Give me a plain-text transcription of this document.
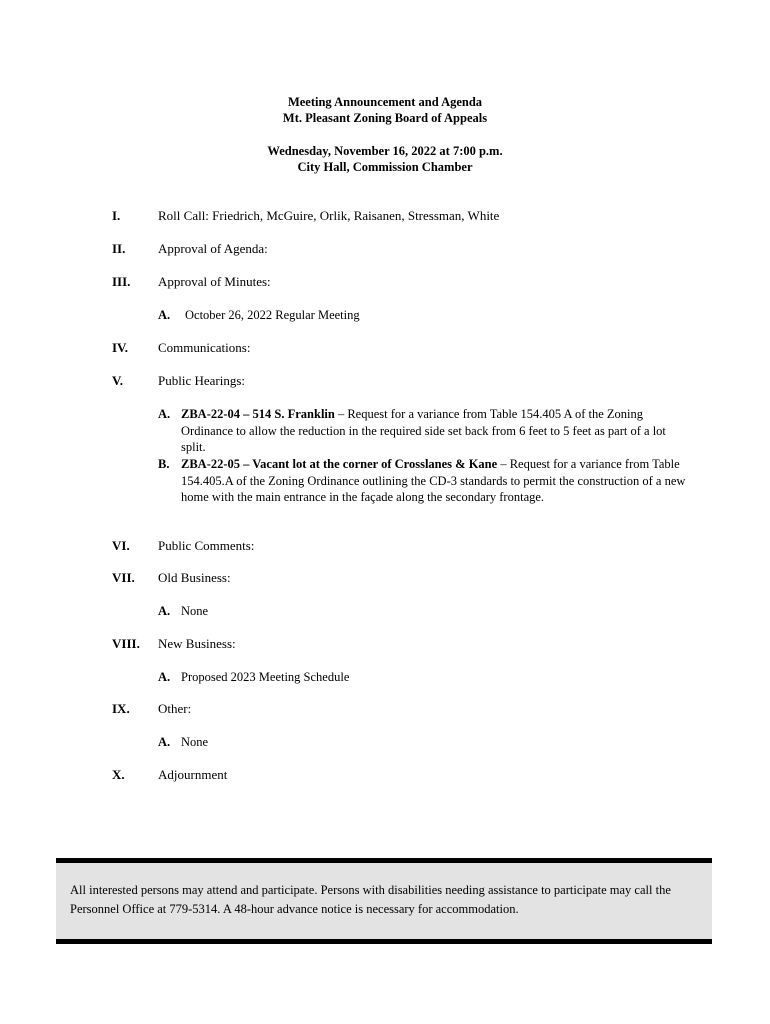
Meeting Announcement and Agenda
Mt. Pleasant Zoning Board of Appeals
Wednesday, November 16, 2022 at 7:00 p.m.
City Hall, Commission Chamber
I.	Roll Call: Friedrich, McGuire, Orlik, Raisanen, Stressman, White
II.	Approval of Agenda:
III. Approval of Minutes:
A. October 26, 2022 Regular Meeting
IV. Communications:
V.	Public Hearings:
A. ZBA-22-04 – 514 S. Franklin – Request for a variance from Table 154.405 A of the Zoning Ordinance to allow the reduction in the required side set back from 6 feet to 5 feet as part of a lot split.
B. ZBA-22-05 – Vacant lot at the corner of Crosslanes & Kane – Request for a variance from Table 154.405.A of the Zoning Ordinance outlining the CD-3 standards to permit the construction of a new home with the main entrance in the façade along the secondary frontage.
VI. Public Comments:
VII. Old Business:
A. None
VIII. New Business:
A. Proposed 2023 Meeting Schedule
IX. Other:
A. None
X.	Adjournment
All interested persons may attend and participate. Persons with disabilities needing assistance to participate may call the Personnel Office at 779-5314. A 48-hour advance notice is necessary for accommodation.
